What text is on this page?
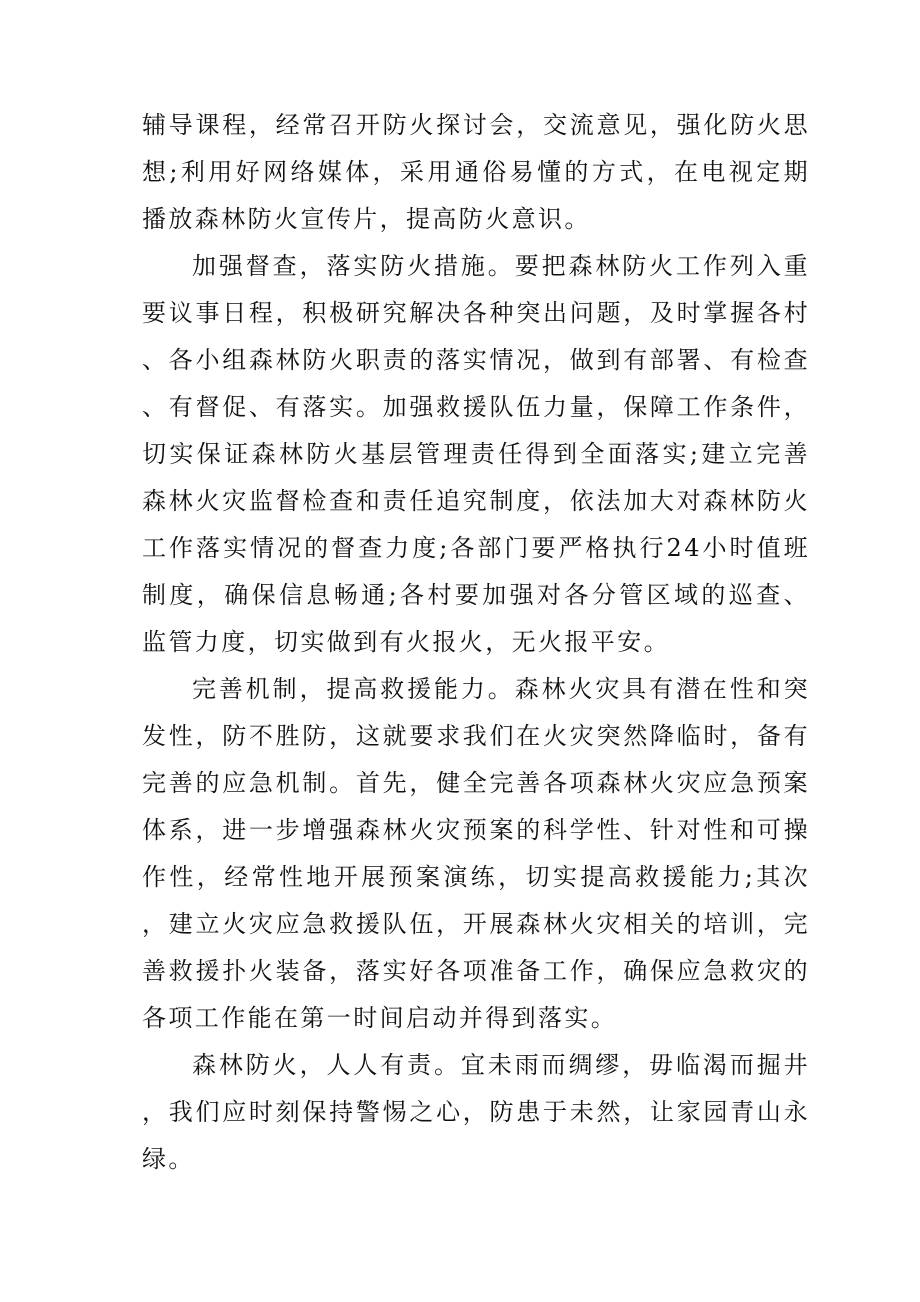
辅导课程，经常召开防火探讨会，交流意见，强化防火思想;利用好网络媒体，采用通俗易懂的方式，在电视定期播放森林防火宣传片，提高防火意识。

加强督查，落实防火措施。要把森林防火工作列入重要议事日程，积极研究解决各种突出问题，及时掌握各村、各小组森林防火职责的落实情况，做到有部署、有检查、有督促、有落实。加强救援队伍力量，保障工作条件，切实保证森林防火基层管理责任得到全面落实;建立完善森林火灾监督检查和责任追究制度，依法加大对森林防火工作落实情况的督查力度;各部门要严格执行24小时值班制度，确保信息畅通;各村要加强对各分管区域的巡查、监管力度，切实做到有火报火，无火报平安。

完善机制，提高救援能力。森林火灾具有潜在性和突发性，防不胜防，这就要求我们在火灾突然降临时，备有完善的应急机制。首先，健全完善各项森林火灾应急预案体系，进一步增强森林火灾预案的科学性、针对性和可操作性，经常性地开展预案演练，切实提高救援能力;其次，建立火灾应急救援队伍，开展森林火灾相关的培训，完善救援扑火装备，落实好各项准备工作，确保应急救灾的各项工作能在第一时间启动并得到落实。

森林防火，人人有责。宜未雨而绸缪，毋临渴而掘井，我们应时刻保持警惕之心，防患于未然，让家园青山永绿。
